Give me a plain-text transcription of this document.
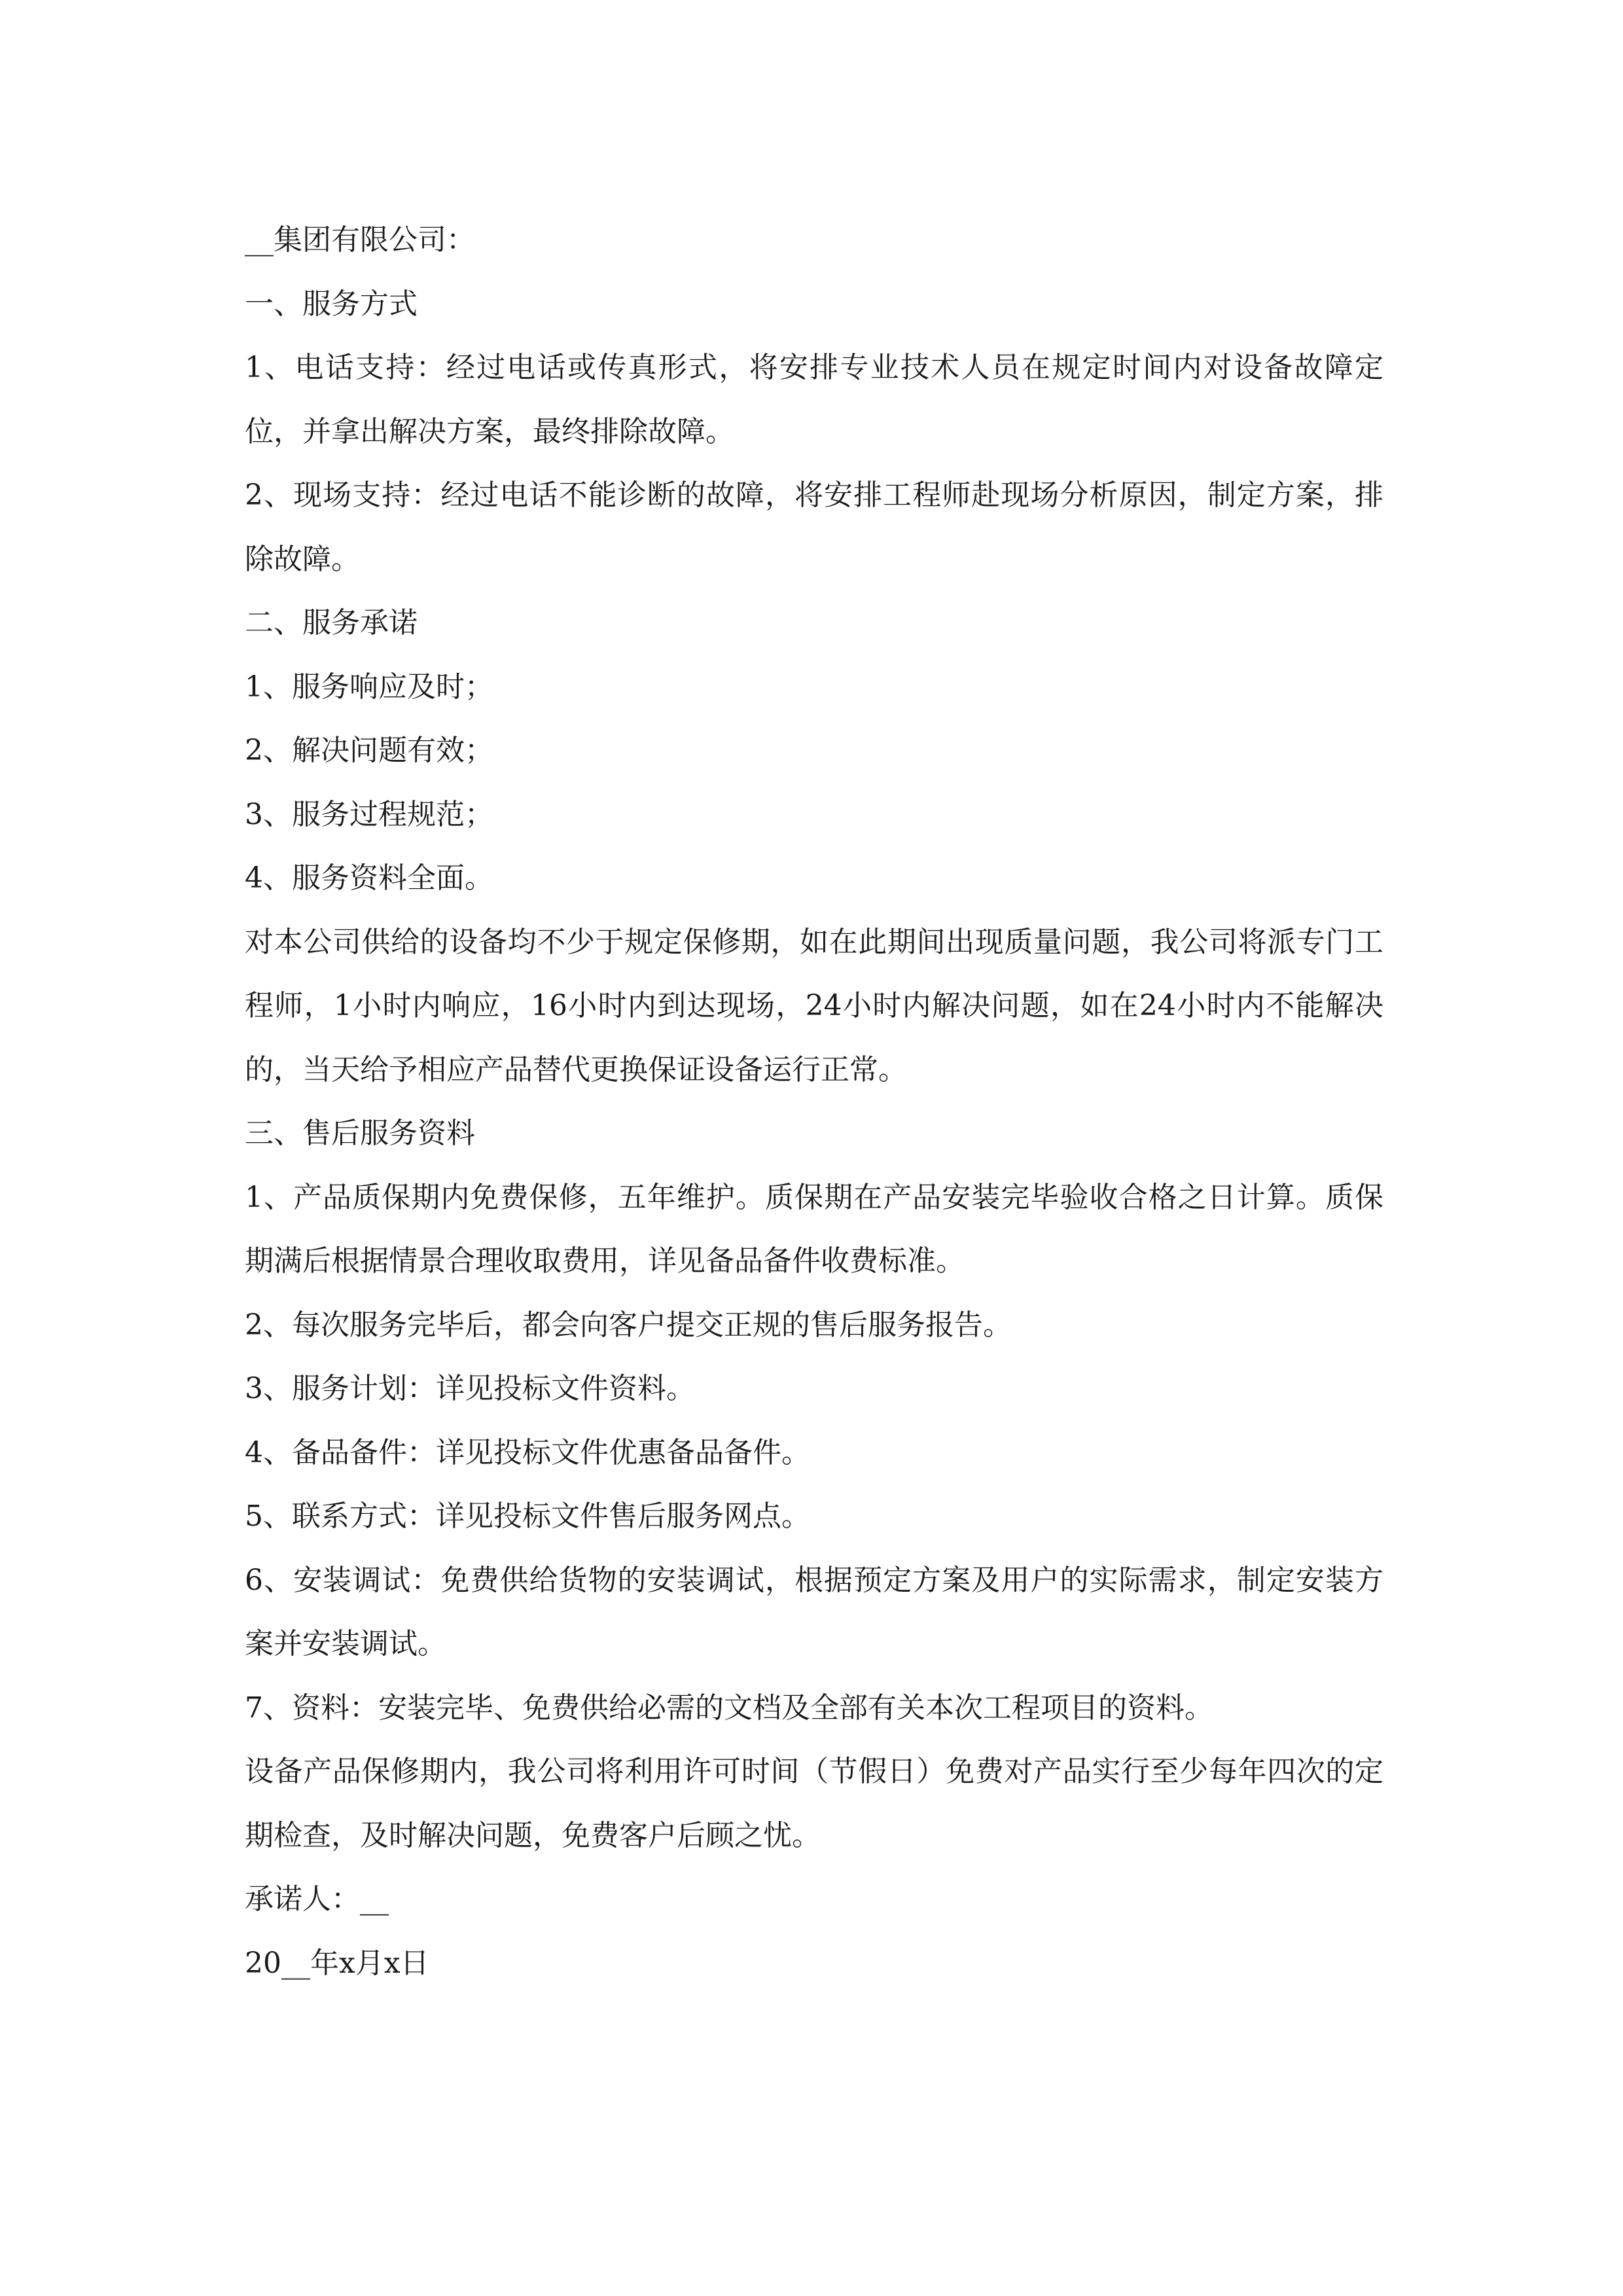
__集团有限公司：

一、服务方式

1、电话支持：经过电话或传真形式，将安排专业技术人员在规定时间内对设备故障定位，并拿出解决方案，最终排除故障。

2、现场支持：经过电话不能诊断的故障，将安排工程师赴现场分析原因，制定方案，排除故障。

二、服务承诺

1、服务响应及时；

2、解决问题有效；

3、服务过程规范；

4、服务资料全面。

对本公司供给的设备均不少于规定保修期，如在此期间出现质量问题，我公司将派专门工程师，1小时内响应，16小时内到达现场，24小时内解决问题，如在24小时内不能解决的，当天给予相应产品替代更换保证设备运行正常。

三、售后服务资料

1、产品质保期内免费保修，五年维护。质保期在产品安装完毕验收合格之日计算。质保期满后根据情景合理收取费用，详见备品备件收费标准。

2、每次服务完毕后，都会向客户提交正规的售后服务报告。

3、服务计划：详见投标文件资料。

4、备品备件：详见投标文件优惠备品备件。

5、联系方式：详见投标文件售后服务网点。

6、安装调试：免费供给货物的安装调试，根据预定方案及用户的实际需求，制定安装方案并安装调试。

7、资料：安装完毕、免费供给必需的文档及全部有关本次工程项目的资料。

设备产品保修期内，我公司将利用许可时间（节假日）免费对产品实行至少每年四次的定期检查，及时解决问题，免费客户后顾之忧。

承诺人：__

20__年x月x日
